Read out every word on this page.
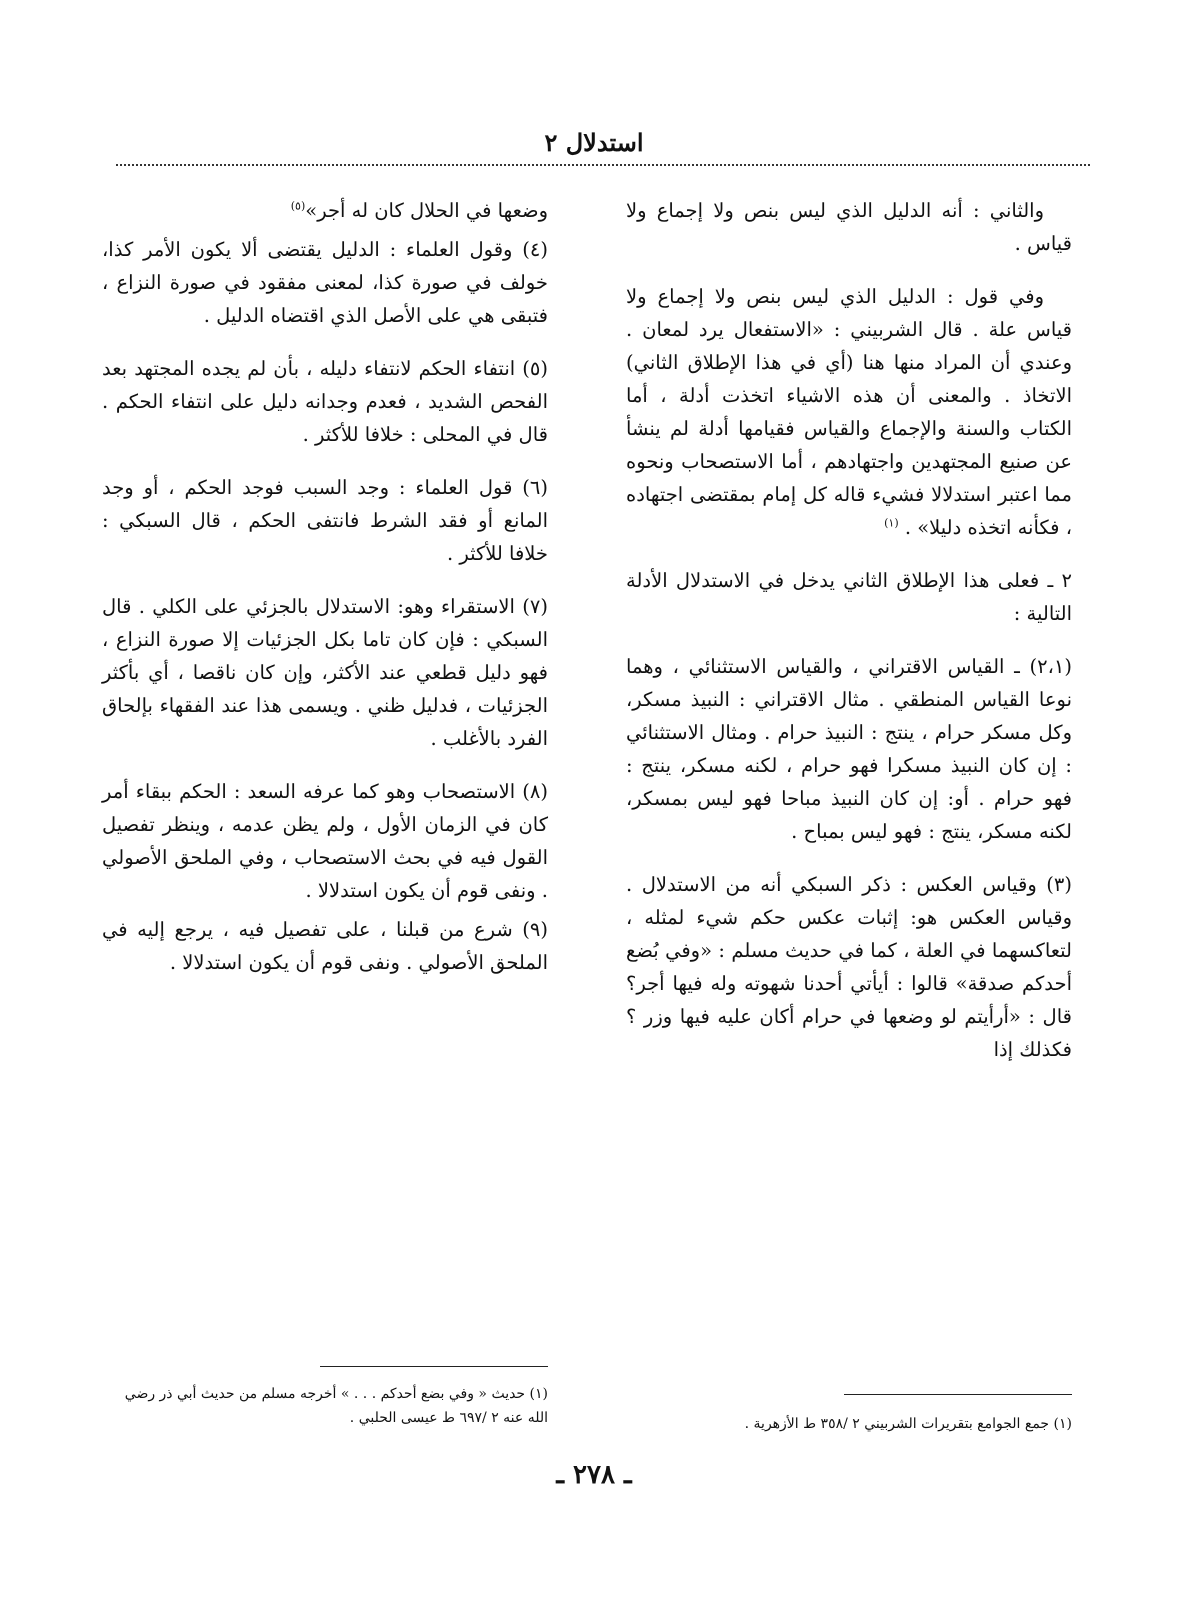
استدلال ٢

والثاني : أنه الدليل الذي ليس بنص ولا إجماع ولا قياس .

وفي قول : الدليل الذي ليس بنص ولا إجماع ولا قياس علة . قال الشربيني : «الاستفعال يرد لمعان . وعندي أن المراد منها هنا (أي في هذا الإطلاق الثاني) الاتخاذ . والمعنى أن هذه الاشياء اتخذت أدلة ، أما الكتاب والسنة والإجماع والقياس فقيامها أدلة لم ينشأ عن صنيع المجتهدين واجتهادهم ، أما الاستصحاب ونحوه مما اعتبر استدلالا فشيء قاله كل إمام بمقتضى اجتهاده ، فكأنه اتخذه دليلا» . $^{(١)}$

٢ ـ فعلى هذا الإطلاق الثاني يدخل في الاستدلال الأدلة التالية :

(٢،١) ـ القياس الاقتراني ، والقياس الاستثنائي ، وهما نوعا القياس المنطقي . مثال الاقتراني : النبيذ مسكر، وكل مسكر حرام ، ينتج : النبيذ حرام . ومثال الاستثنائي : إن كان النبيذ مسكرا فهو حرام ، لكنه مسكر، ينتج : فهو حرام . أو: إن كان النبيذ مباحا فهو ليس بمسكر، لكنه مسكر، ينتج : فهو ليس بمباح .

(٣) وقياس العكس : ذكر السبكي أنه من الاستدلال . وقياس العكس هو: إثبات عكس حكم شيء لمثله ، لتعاكسهما في العلة ، كما في حديث مسلم : «وفي بُضع أحدكم صدقة» قالوا : أيأتي أحدنا شهوته وله فيها أجر؟ قال : «أرأيتم لو وضعها في حرام أكان عليه فيها وزر ؟ فكذلك إذا

وضعها في الحلال كان له أجر»$^{(٥)}$

(٤) وقول العلماء : الدليل يقتضى ألا يكون الأمر كذا، خولف في صورة كذا، لمعنى مفقود في صورة النزاع ، فتبقى هي على الأصل الذي اقتضاه الدليل .

(٥) انتفاء الحكم لانتفاء دليله ، بأن لم يجده المجتهد بعد الفحص الشديد ، فعدم وجدانه دليل على انتفاء الحكم . قال في المحلى : خلافا للأكثر .

(٦) قول العلماء : وجد السبب فوجد الحكم ، أو وجد المانع أو فقد الشرط فانتفى الحكم ، قال السبكي : خلافا للأكثر .

(٧) الاستقراء وهو: الاستدلال بالجزئي على الكلي . قال السبكي : فإن كان تاما بكل الجزئيات إلا صورة النزاع ، فهو دليل قطعي عند الأكثر، وإن كان ناقصا ، أي بأكثر الجزئيات ، فدليل ظني . ويسمى هذا عند الفقهاء بإلحاق الفرد بالأغلب .

(٨) الاستصحاب وهو كما عرفه السعد : الحكم ببقاء أمر كان في الزمان الأول ، ولم يظن عدمه ، وينظر تفصيل القول فيه في بحث الاستصحاب ، وفي الملحق الأصولي . ونفى قوم أن يكون استدلالا .

(٩) شرع من قبلنا ، على تفصيل فيه ، يرجع إليه في الملحق الأصولي . ونفى قوم أن يكون استدلالا .

(١) حديث « وفي بضع أحدكم . . . » أخرجه مسلم من حديث أبي ذر رضي الله عنه ٢ /٦٩٧ ط عيسى الحلبي .	(١) جمع الجوامع بتقريرات الشربيني ٢ /٣٥٨ ط الأزهرية .
ـ ٢٧٨ ـ
